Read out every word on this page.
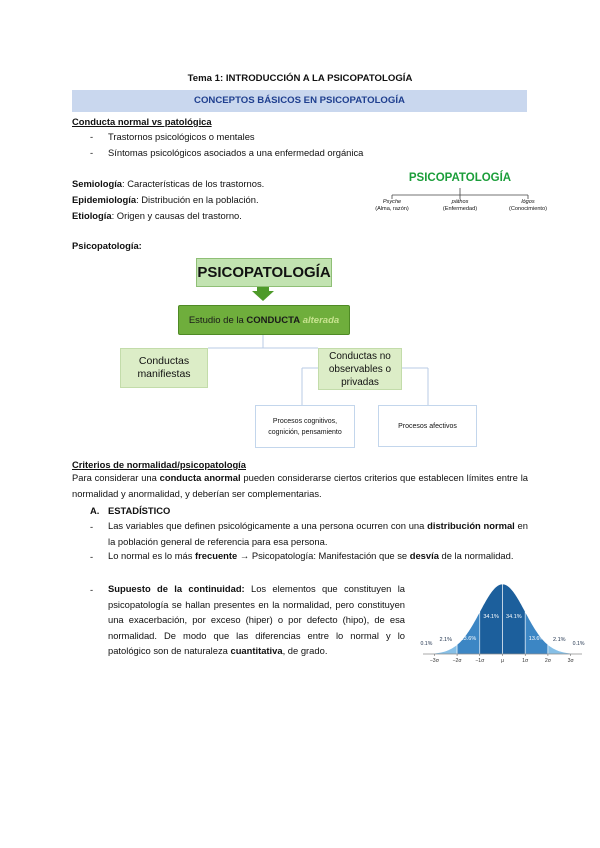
Tema 1: INTRODUCCIÓN A LA PSICOPATOLOGÍA
CONCEPTOS BÁSICOS EN PSICOPATOLOGÍA
Conducta normal vs patológica
- Trastornos psicológicos o mentales
- Síntomas psicológicos asociados a una enfermedad orgánica
Semiología: Características de los trastornos.
Epidemiología: Distribución en la población.
Etiología: Origen y causas del trastorno.
PSICOPATOLOGÍA
Psyche
(Alma, razón)
páthos
(Enfermedad)
lógos
(Conocimiento)
Psicopatología:
PSICOPATOLOGÍA
Estudio de la
CONDUCTA
alterada
Conductas manifiestas
Conductas no observables o privadas
Procesos cognitivos, cognición, pensamiento
Procesos afectivos
Criterios de normalidad/psicopatología
Para considerar una conducta anormal pueden considerarse ciertos criterios que establecen límites entre la normalidad y anormalidad, y deberían ser complementarias.
A. ESTADÍSTICO
- Las variables que definen psicológicamente a una persona ocurren con una distribución normal en la población general de referencia para esa persona.
- Lo normal es lo más frecuente → Psicopatología: Manifestación que se desvía de la normalidad.
- Supuesto de la continuidad: Los elementos que constituyen la psicopatología se hallan presentes en la normalidad, pero constituyen una exacerbación, por exceso (hiper) o por defecto (hipo), de esa normalidad. De modo que las diferencias entre lo normal y lo patológico son de naturaleza cuantitativa, de grado.
−3σ	−2σ	−1σ	μ	1σ	2σ	3σ
2.1% 13.6%
34.1% 34.1%
13.6% 2.1%
0.1%	0.1%
